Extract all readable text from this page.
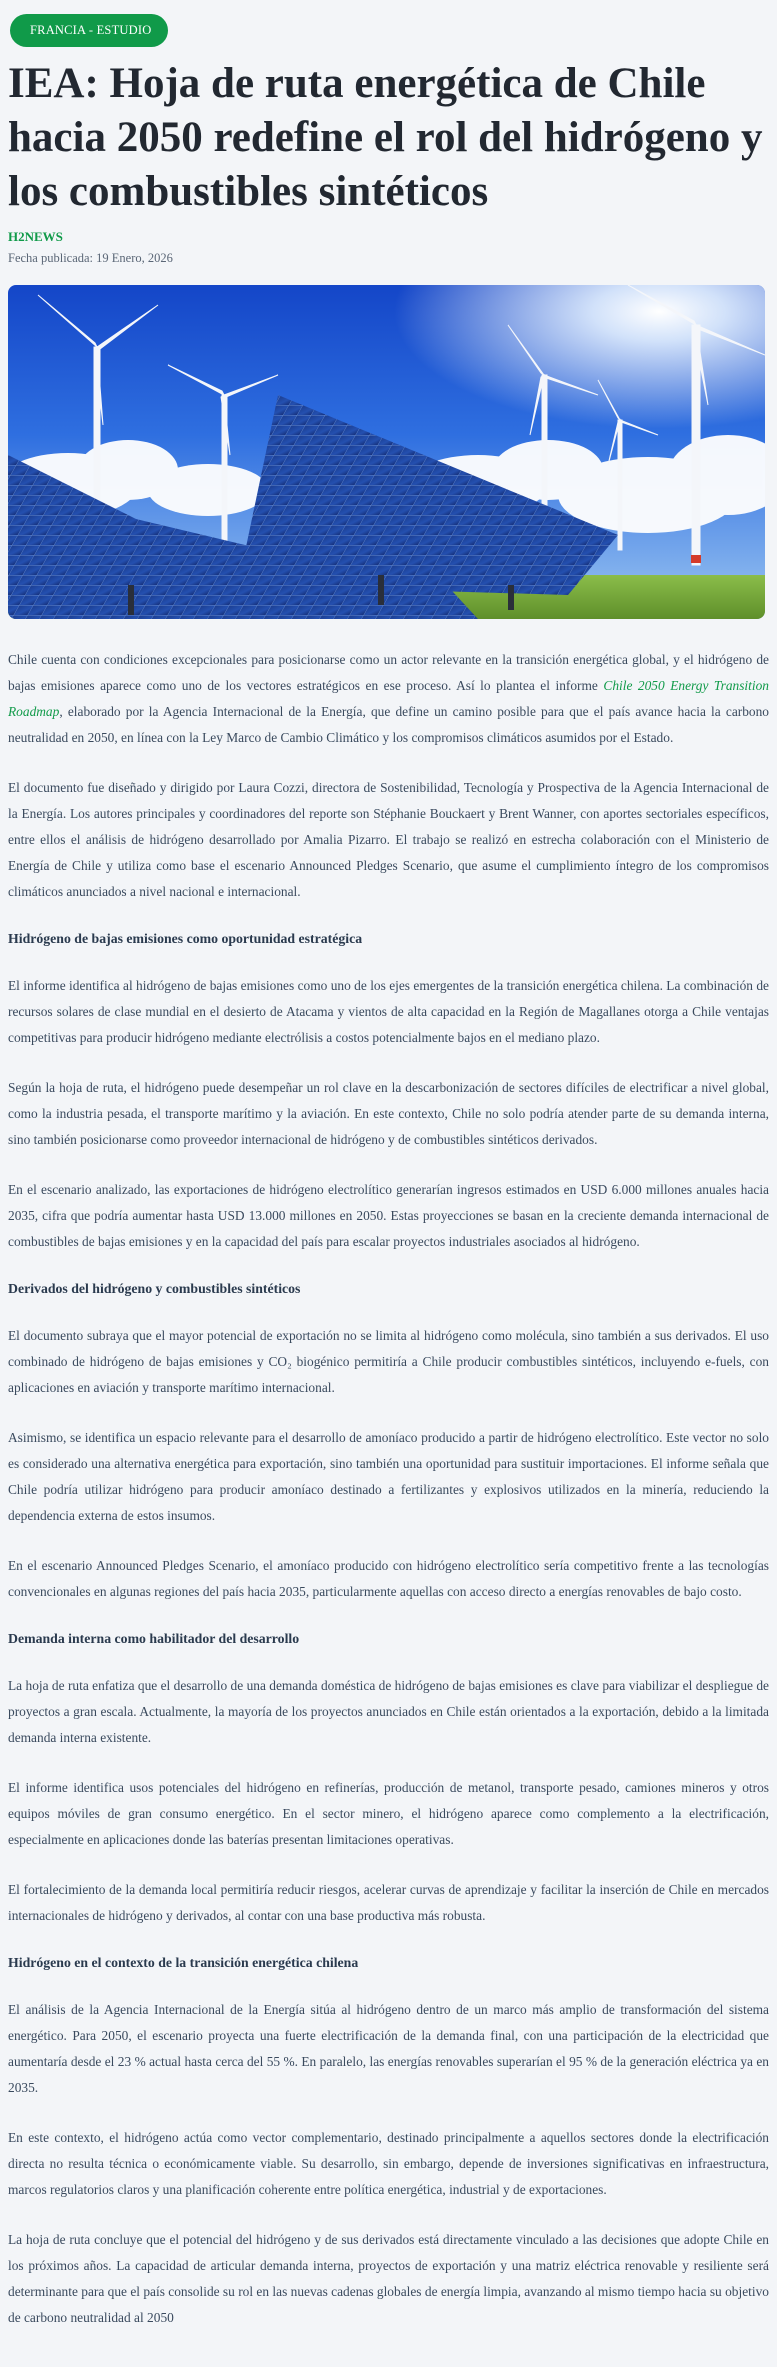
FRANCIA - ESTUDIO
IEA: Hoja de ruta energética de Chile hacia 2050 redefine el rol del hidrógeno y los combustibles sintéticos
H2NEWS
Fecha publicada: 19 Enero, 2026

Chile cuenta con condiciones excepcionales para posicionarse como un actor relevante en la transición energética global, y el hidrógeno de bajas emisiones aparece como uno de los vectores estratégicos en ese proceso. Así lo plantea el informe Chile 2050 Energy Transition Roadmap, elaborado por la Agencia Internacional de la Energía, que define un camino posible para que el país avance hacia la carbono neutralidad en 2050, en línea con la Ley Marco de Cambio Climático y los compromisos climáticos asumidos por el Estado.

El documento fue diseñado y dirigido por Laura Cozzi, directora de Sostenibilidad, Tecnología y Prospectiva de la Agencia Internacional de la Energía. Los autores principales y coordinadores del reporte son Stéphanie Bouckaert y Brent Wanner, con aportes sectoriales específicos, entre ellos el análisis de hidrógeno desarrollado por Amalia Pizarro. El trabajo se realizó en estrecha colaboración con el Ministerio de Energía de Chile y utiliza como base el escenario Announced Pledges Scenario, que asume el cumplimiento íntegro de los compromisos climáticos anunciados a nivel nacional e internacional.

Hidrógeno de bajas emisiones como oportunidad estratégica

El informe identifica al hidrógeno de bajas emisiones como uno de los ejes emergentes de la transición energética chilena. La combinación de recursos solares de clase mundial en el desierto de Atacama y vientos de alta capacidad en la Región de Magallanes otorga a Chile ventajas competitivas para producir hidrógeno mediante electrólisis a costos potencialmente bajos en el mediano plazo.

Según la hoja de ruta, el hidrógeno puede desempeñar un rol clave en la descarbonización de sectores difíciles de electrificar a nivel global, como la industria pesada, el transporte marítimo y la aviación. En este contexto, Chile no solo podría atender parte de su demanda interna, sino también posicionarse como proveedor internacional de hidrógeno y de combustibles sintéticos derivados.

En el escenario analizado, las exportaciones de hidrógeno electrolítico generarían ingresos estimados en USD 6.000 millones anuales hacia 2035, cifra que podría aumentar hasta USD 13.000 millones en 2050. Estas proyecciones se basan en la creciente demanda internacional de combustibles de bajas emisiones y en la capacidad del país para escalar proyectos industriales asociados al hidrógeno.

Derivados del hidrógeno y combustibles sintéticos

El documento subraya que el mayor potencial de exportación no se limita al hidrógeno como molécula, sino también a sus derivados. El uso combinado de hidrógeno de bajas emisiones y CO₂ biogénico permitiría a Chile producir combustibles sintéticos, incluyendo e-fuels, con aplicaciones en aviación y transporte marítimo internacional.

Asimismo, se identifica un espacio relevante para el desarrollo de amoníaco producido a partir de hidrógeno electrolítico. Este vector no solo es considerado una alternativa energética para exportación, sino también una oportunidad para sustituir importaciones. El informe señala que Chile podría utilizar hidrógeno para producir amoníaco destinado a fertilizantes y explosivos utilizados en la minería, reduciendo la dependencia externa de estos insumos.

En el escenario Announced Pledges Scenario, el amoníaco producido con hidrógeno electrolítico sería competitivo frente a las tecnologías convencionales en algunas regiones del país hacia 2035, particularmente aquellas con acceso directo a energías renovables de bajo costo.

Demanda interna como habilitador del desarrollo

La hoja de ruta enfatiza que el desarrollo de una demanda doméstica de hidrógeno de bajas emisiones es clave para viabilizar el despliegue de proyectos a gran escala. Actualmente, la mayoría de los proyectos anunciados en Chile están orientados a la exportación, debido a la limitada demanda interna existente.

El informe identifica usos potenciales del hidrógeno en refinerías, producción de metanol, transporte pesado, camiones mineros y otros equipos móviles de gran consumo energético. En el sector minero, el hidrógeno aparece como complemento a la electrificación, especialmente en aplicaciones donde las baterías presentan limitaciones operativas.

El fortalecimiento de la demanda local permitiría reducir riesgos, acelerar curvas de aprendizaje y facilitar la inserción de Chile en mercados internacionales de hidrógeno y derivados, al contar con una base productiva más robusta.

Hidrógeno en el contexto de la transición energética chilena

El análisis de la Agencia Internacional de la Energía sitúa al hidrógeno dentro de un marco más amplio de transformación del sistema energético. Para 2050, el escenario proyecta una fuerte electrificación de la demanda final, con una participación de la electricidad que aumentaría desde el 23 % actual hasta cerca del 55 %. En paralelo, las energías renovables superarían el 95 % de la generación eléctrica ya en 2035.

En este contexto, el hidrógeno actúa como vector complementario, destinado principalmente a aquellos sectores donde la electrificación directa no resulta técnica o económicamente viable. Su desarrollo, sin embargo, depende de inversiones significativas en infraestructura, marcos regulatorios claros y una planificación coherente entre política energética, industrial y de exportaciones.

La hoja de ruta concluye que el potencial del hidrógeno y de sus derivados está directamente vinculado a las decisiones que adopte Chile en los próximos años. La capacidad de articular demanda interna, proyectos de exportación y una matriz eléctrica renovable y resiliente será determinante para que el país consolide su rol en las nuevas cadenas globales de energía limpia, avanzando al mismo tiempo hacia su objetivo de carbono neutralidad al 2050
